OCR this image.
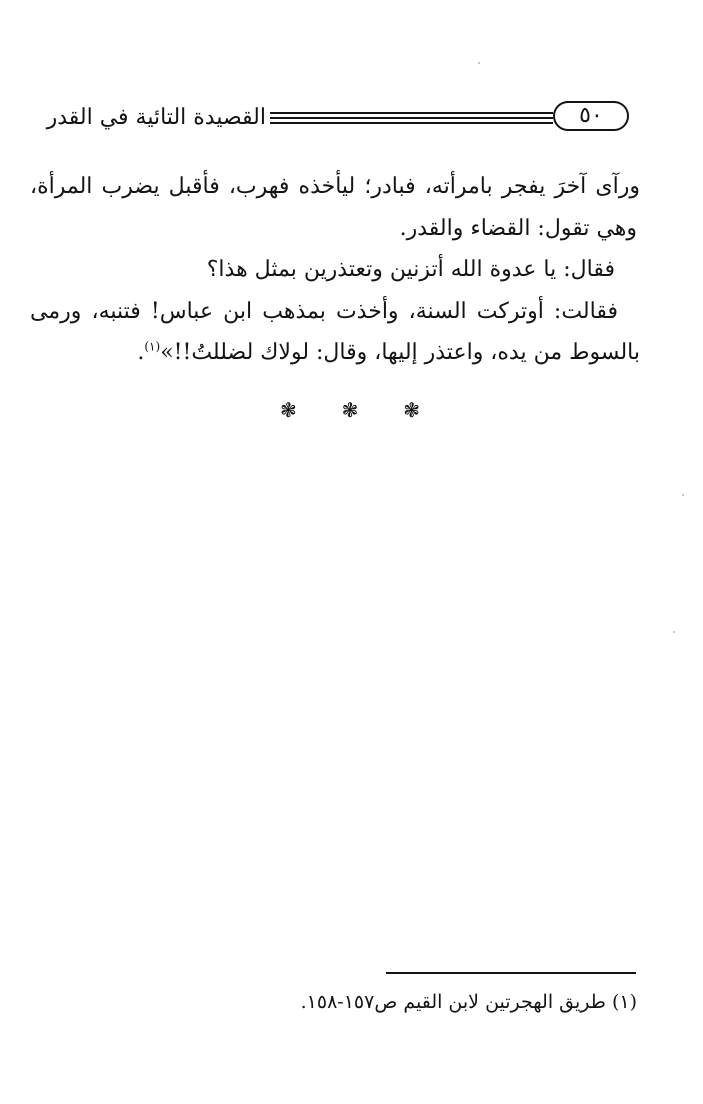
٥٠
القصيدة التائية في القدر
ورآى آخرَ يفجر بامرأته، فبادر؛ ليأخذه فهرب، فأقبل يضرب المرأة،
وهي تقول: القضاء والقدر.
فقال: يا عدوة الله أتزنين وتعتذرين بمثل هذا؟
فقالت: أوتركت السنة، وأخذت بمذهب ابن عباس! فتنبه، ورمى
بالسوط من يده، واعتذر إليها، وقال: لولاك لضللتُ!!»$^{(١)}$.
❃ ❃ ❃
(١) طريق الهجرتين لابن القيم ص١٥٧-١٥٨.
